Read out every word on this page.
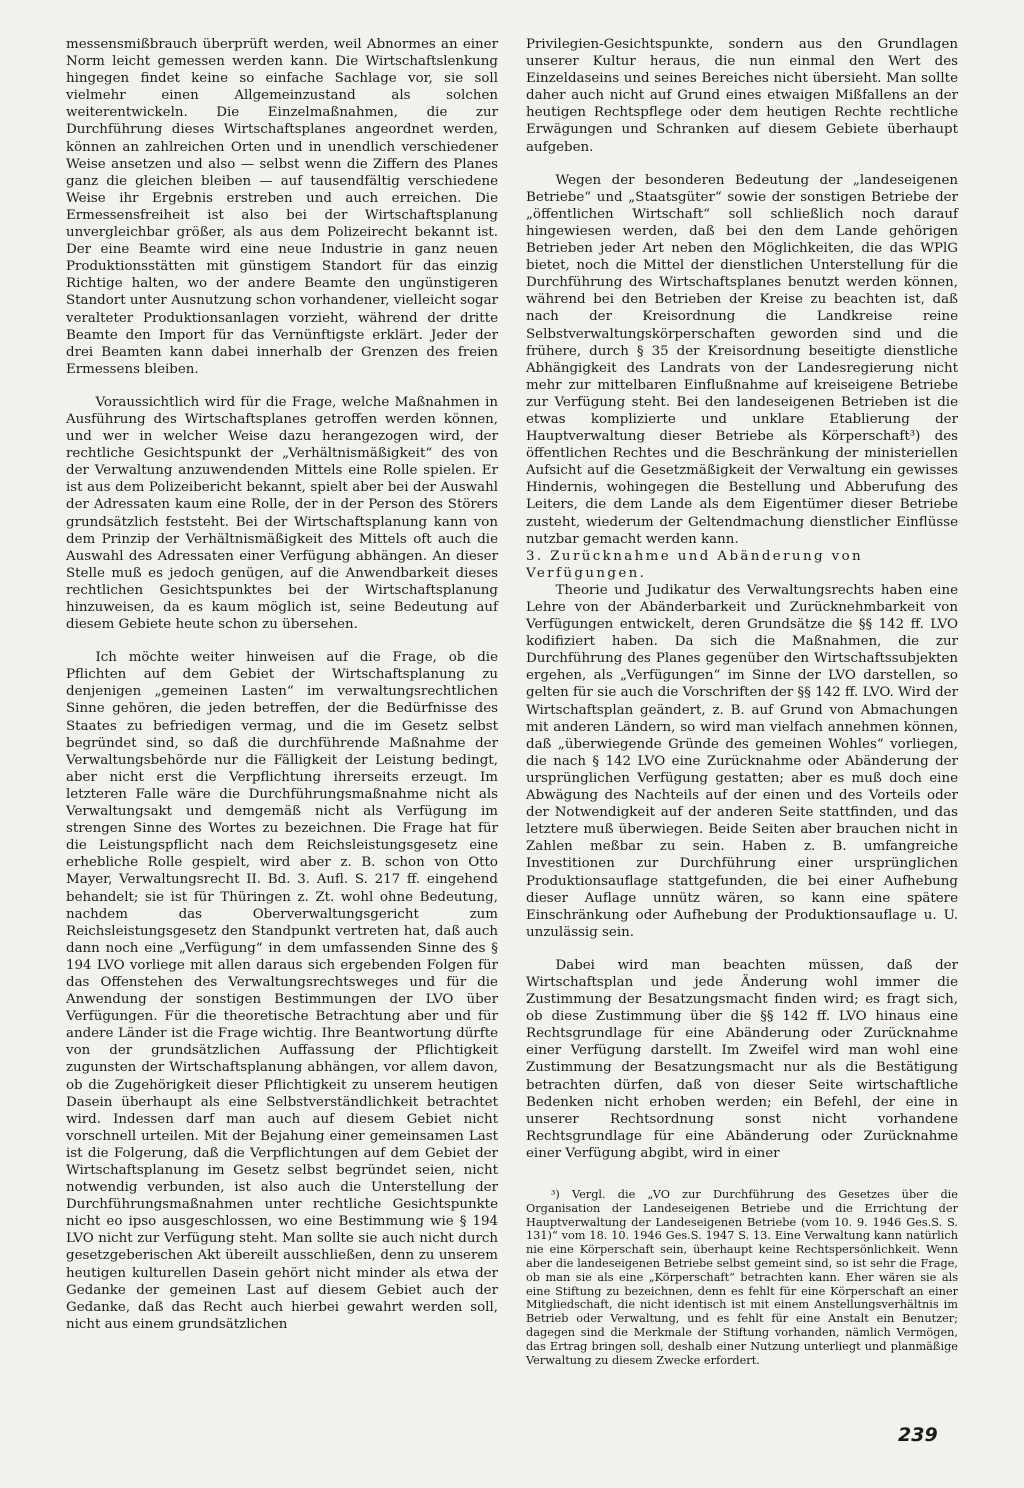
messensmißbrauch überprüft werden, weil Abnormes an einer Norm leicht gemessen werden kann. Die Wirtschaftslenkung hingegen findet keine so einfache Sachlage vor, sie soll vielmehr einen Allgemeinzustand als solchen weiterentwickeln. Die Einzelmaßnahmen, die zur Durchführung dieses Wirtschaftsplanes angeordnet werden, können an zahlreichen Orten und in unendlich verschiedener Weise ansetzen und also — selbst wenn die Ziffern des Planes ganz die gleichen bleiben — auf tausendfältig verschiedene Weise ihr Ergebnis erstreben und auch erreichen. Die Ermessensfreiheit ist also bei der Wirtschaftsplanung unvergleichbar größer, als aus dem Polizeirecht bekannt ist. Der eine Beamte wird eine neue Industrie in ganz neuen Produktionsstätten mit günstigem Standort für das einzig Richtige halten, wo der andere Beamte den ungünstigeren Standort unter Ausnutzung schon vorhandener, vielleicht sogar veralteter Produktionsanlagen vorzieht, während der dritte Beamte den Import für das Vernünftigste erklärt. Jeder der drei Beamten kann dabei innerhalb der Grenzen des freien Ermessens bleiben.

Voraussichtlich wird für die Frage, welche Maßnahmen in Ausführung des Wirtschaftsplanes getroffen werden können, und wer in welcher Weise dazu herangezogen wird, der rechtliche Gesichtspunkt der „Verhältnismäßigkeit“ des von der Verwaltung anzuwendenden Mittels eine Rolle spielen. Er ist aus dem Polizeibericht bekannt, spielt aber bei der Auswahl der Adressaten kaum eine Rolle, der in der Person des Störers grundsätzlich feststeht. Bei der Wirtschaftsplanung kann von dem Prinzip der Verhältnismäßigkeit des Mittels oft auch die Auswahl des Adressaten einer Verfügung abhängen. An dieser Stelle muß es jedoch genügen, auf die Anwendbarkeit dieses rechtlichen Gesichtspunktes bei der Wirtschaftsplanung hinzuweisen, da es kaum möglich ist, seine Bedeutung auf diesem Gebiete heute schon zu übersehen.

Ich möchte weiter hinweisen auf die Frage, ob die Pflichten auf dem Gebiet der Wirtschaftsplanung zu denjenigen „gemeinen Lasten“ im verwaltungsrechtlichen Sinne gehören, die jeden betreffen, der die Bedürfnisse des Staates zu befriedigen vermag, und die im Gesetz selbst begründet sind, so daß die durchführende Maßnahme der Verwaltungsbehörde nur die Fälligkeit der Leistung bedingt, aber nicht erst die Verpflichtung ihrerseits erzeugt. Im letzteren Falle wäre die Durchführungsmaßnahme nicht als Verwaltungsakt und demgemäß nicht als Verfügung im strengen Sinne des Wortes zu bezeichnen. Die Frage hat für die Leistungspflicht nach dem Reichsleistungsgesetz eine erhebliche Rolle gespielt, wird aber z. B. schon von Otto Mayer, Verwaltungsrecht II. Bd. 3. Aufl. S. 217 ff. eingehend behandelt; sie ist für Thüringen z. Zt. wohl ohne Bedeutung, nachdem das Oberverwaltungsgericht zum Reichsleistungsgesetz den Standpunkt vertreten hat, daß auch dann noch eine „Verfügung“ in dem umfassenden Sinne des § 194 LVO vorliege mit allen daraus sich ergebenden Folgen für das Offenstehen des Verwaltungsrechtsweges und für die Anwendung der sonstigen Bestimmungen der LVO über Verfügungen. Für die theoretische Betrachtung aber und für andere Länder ist die Frage wichtig. Ihre Beantwortung dürfte von der grundsätzlichen Auffassung der Pflichtigkeit zugunsten der Wirtschaftsplanung abhängen, vor allem davon, ob die Zugehörigkeit dieser Pflichtigkeit zu unserem heutigen Dasein überhaupt als eine Selbstverständlichkeit betrachtet wird. Indessen darf man auch auf diesem Gebiet nicht vorschnell urteilen. Mit der Bejahung einer gemeinsamen Last ist die Folgerung, daß die Verpflichtungen auf dem Gebiet der Wirtschaftsplanung im Gesetz selbst begründet seien, nicht notwendig verbunden, ist also auch die Unterstellung der Durchführungsmaßnahmen unter rechtliche Gesichtspunkte nicht eo ipso ausgeschlossen, wo eine Bestimmung wie § 194 LVO nicht zur Verfügung steht. Man sollte sie auch nicht durch gesetzgeberischen Akt übereilt ausschließen, denn zu unserem heutigen kulturellen Dasein gehört nicht minder als etwa der Gedanke der gemeinen Last auf diesem Gebiet auch der Gedanke, daß das Recht auch hierbei gewahrt werden soll, nicht aus einem grundsätzlichen

Privilegien-Gesichtspunkte, sondern aus den Grundlagen unserer Kultur heraus, die nun einmal den Wert des Einzeldaseins und seines Bereiches nicht übersieht. Man sollte daher auch nicht auf Grund eines etwaigen Mißfallens an der heutigen Rechtspflege oder dem heutigen Rechte rechtliche Erwägungen und Schranken auf diesem Gebiete überhaupt aufgeben.

Wegen der besonderen Bedeutung der „landeseigenen Betriebe“ und „Staatsgüter“ sowie der sonstigen Betriebe der „öffentlichen Wirtschaft“ soll schließlich noch darauf hingewiesen werden, daß bei den dem Lande gehörigen Betrieben jeder Art neben den Möglichkeiten, die das WPlG bietet, noch die Mittel der dienstlichen Unterstellung für die Durchführung des Wirtschaftsplanes benutzt werden können, während bei den Betrieben der Kreise zu beachten ist, daß nach der Kreisordnung die Landkreise reine Selbstverwaltungskörperschaften geworden sind und die frühere, durch § 35 der Kreisordnung beseitigte dienstliche Abhängigkeit des Landrats von der Landesregierung nicht mehr zur mittelbaren Einflußnahme auf kreiseigene Betriebe zur Verfügung steht. Bei den landeseigenen Betrieben ist die etwas komplizierte und unklare Etablierung der Hauptverwaltung dieser Betriebe als Körperschaft³) des öffentlichen Rechtes und die Beschränkung der ministeriellen Aufsicht auf die Gesetzmäßigkeit der Verwaltung ein gewisses Hindernis, wohingegen die Bestellung und Abberufung des Leiters, die dem Lande als dem Eigentümer dieser Betriebe zusteht, wiederum der Geltendmachung dienstlicher Einflüsse nutzbar gemacht werden kann.

3. Zurücknahme und Abänderung von Verfügungen.

Theorie und Judikatur des Verwaltungsrechts haben eine Lehre von der Abänderbarkeit und Zurücknehmbarkeit von Verfügungen entwickelt, deren Grundsätze die §§ 142 ff. LVO kodifiziert haben. Da sich die Maßnahmen, die zur Durchführung des Planes gegenüber den Wirtschaftssubjekten ergehen, als „Verfügungen“ im Sinne der LVO darstellen, so gelten für sie auch die Vorschriften der §§ 142 ff. LVO. Wird der Wirtschaftsplan geändert, z. B. auf Grund von Abmachungen mit anderen Ländern, so wird man vielfach annehmen können, daß „überwiegende Gründe des gemeinen Wohles“ vorliegen, die nach § 142 LVO eine Zurücknahme oder Abänderung der ursprünglichen Verfügung gestatten; aber es muß doch eine Abwägung des Nachteils auf der einen und des Vorteils oder der Notwendigkeit auf der anderen Seite stattfinden, und das letztere muß überwiegen. Beide Seiten aber brauchen nicht in Zahlen meßbar zu sein. Haben z. B. umfangreiche Investitionen zur Durchführung einer ursprünglichen Produktionsauflage stattgefunden, die bei einer Aufhebung dieser Auflage unnütz wären, so kann eine spätere Einschränkung oder Aufhebung der Produktionsauflage u. U. unzulässig sein.

Dabei wird man beachten müssen, daß der Wirtschaftsplan und jede Änderung wohl immer die Zustimmung der Besatzungsmacht finden wird; es fragt sich, ob diese Zustimmung über die §§ 142 ff. LVO hinaus eine Rechtsgrundlage für eine Abänderung oder Zurücknahme einer Verfügung darstellt. Im Zweifel wird man wohl eine Zustimmung der Besatzungsmacht nur als die Bestätigung betrachten dürfen, daß von dieser Seite wirtschaftliche Bedenken nicht erhoben werden; ein Befehl, der eine in unserer Rechtsordnung sonst nicht vorhandene Rechtsgrundlage für eine Abänderung oder Zurücknahme einer Verfügung abgibt, wird in einer

³) Vergl. die „VO zur Durchführung des Gesetzes über die Organisation der Landeseigenen Betriebe und die Errichtung der Hauptverwaltung der Landeseigenen Betriebe (vom 10. 9. 1946 Ges.S. S. 131)“ vom 18. 10. 1946 Ges.S. 1947 S. 13. Eine Verwaltung kann natürlich nie eine Körperschaft sein, überhaupt keine Rechtspersönlichkeit. Wenn aber die landeseigenen Betriebe selbst gemeint sind, so ist sehr die Frage, ob man sie als eine „Körperschaft“ betrachten kann. Eher wären sie als eine Stiftung zu bezeichnen, denn es fehlt für eine Körperschaft an einer Mitgliedschaft, die nicht identisch ist mit einem Anstellungsverhältnis im Betrieb oder Verwaltung, und es fehlt für eine Anstalt ein Benutzer; dagegen sind die Merkmale der Stiftung vorhanden, nämlich Vermögen, das Ertrag bringen soll, deshalb einer Nutzung unterliegt und planmäßige Verwaltung zu diesem Zwecke erfordert.
239
